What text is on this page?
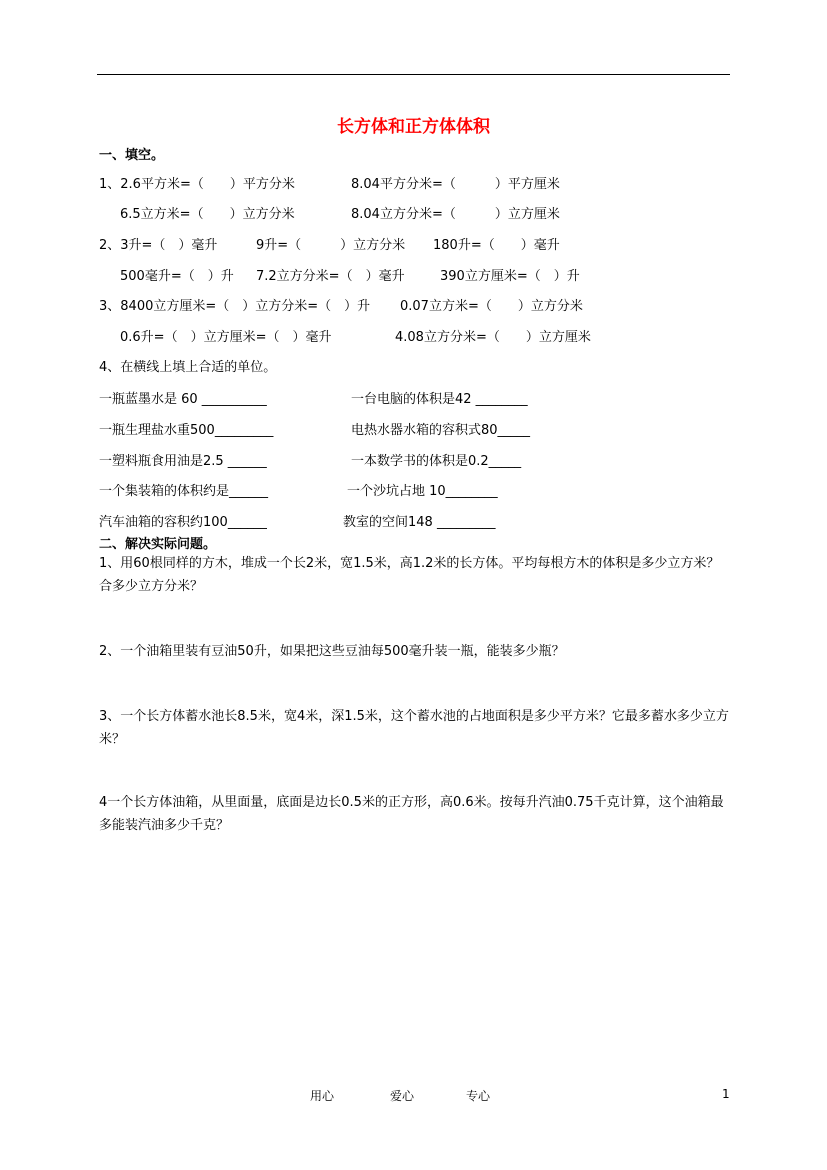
长方体和正方体体积
一、填空。
1、2.6平方米=（　　）平方分米	8.04平方分米=（　　　）平方厘米
6.5立方米=（　　）立方分米	8.04立方分米=（　　　）立方厘米
2、3升=（　）毫升	9升=（　　　）立方分米 180升=（　　）毫升
500毫升=（　）升 7.2立方分米=（　）毫升	390立方厘米=（　）升
3、8400立方厘米=（　）立方分米=（　）升 0.07立方米=（　　）立方分米
0.6升=（　）立方厘米=（　）毫升	4.08立方分米=（　　）立方厘米
4、在横线上填上合适的单位。
一瓶蓝墨水是 60 __________	一台电脑的体积是42 ________
一瓶生理盐水重500_________	电热水器水箱的容积式80_____
一塑料瓶食用油是2.5 ______	一本数学书的体积是0.2_____
一个集装箱的体积约是______	一个沙坑占地 10________
汽车油箱的容积约100______	教室的空间148 _________
二、解决实际问题。
1、用60根同样的方木，堆成一个长2米，宽1.5米，高1.2米的长方体。平均每根方木的体积是多少立方米？合多少立方分米？
2、一个油箱里装有豆油50升，如果把这些豆油每500毫升装一瓶，能装多少瓶？
3、一个长方体蓄水池长8.5米，宽4米，深1.5米，这个蓄水池的占地面积是多少平方米？它最多蓄水多少立方米？
4一个长方体油箱，从里面量，底面是边长0.5米的正方形，高0.6米。按每升汽油0.75千克计算，这个油箱最多能装汽油多少千克？
用心	爱心	专心	1
